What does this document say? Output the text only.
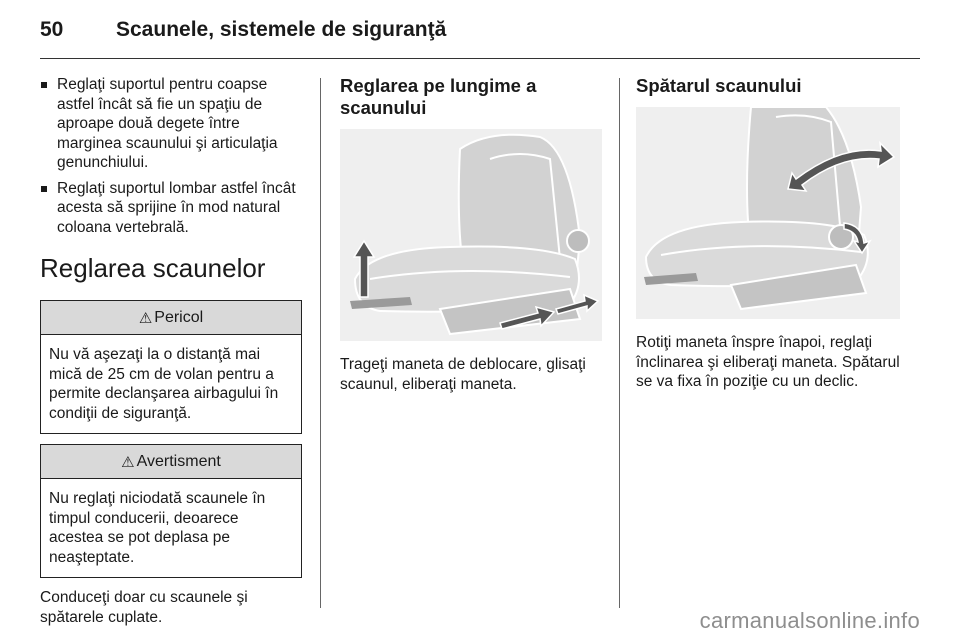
50	Scaunele, sistemele de siguranţă
Reglaţi suportul pentru coapse astfel încât să fie un spaţiu de aproape două degete între marginea scaunului şi articulaţia genunchiului.
Reglaţi suportul lombar astfel încât acesta să sprijine în mod natural coloana vertebrală.
Reglarea scaunelor
⚠ Pericol
Nu vă aşezaţi la o distanţă mai mică de 25 cm de volan pentru a permite declanşarea airbagului în condiţii de siguranţă.
⚠ Avertisment
Nu reglaţi niciodată scaunele în timpul conducerii, deoarece acestea se pot deplasa pe neaşteptate.
Conduceţi doar cu scaunele şi spătarele cuplate.
Reglarea pe lungime a scaunului
Trageţi maneta de deblocare, glisaţi scaunul, eliberaţi maneta.
Spătarul scaunului
Rotiţi maneta înspre înapoi, reglaţi înclinarea şi eliberaţi maneta. Spătarul se va fixa în poziţie cu un declic.
carmanualsonline.info
